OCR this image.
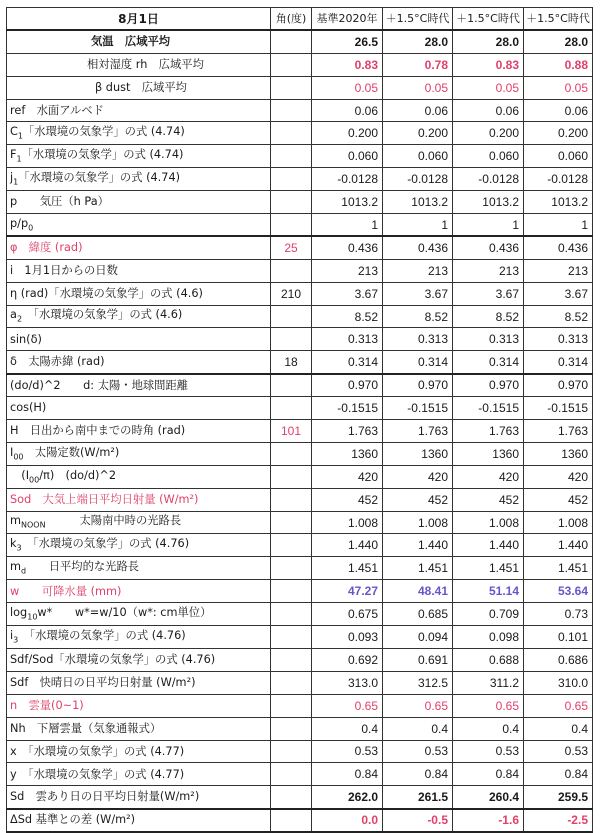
8月1日	角(度)	基準2020年	＋1.5°C時代	＋1.5°C時代	＋1.5°C時代
気温　広域平均		26.5	28.0	28.0	28.0
相対湿度 rh　広域平均		0.83	0.78	0.83	0.88
β dust　広域平均		0.05	0.05	0.05	0.05
ref　水面アルベド		0.06	0.06	0.06	0.06
$C_1$「水環境の気象学」の式 (4.74)		0.200	0.200	0.200	0.200
$F_1$「水環境の気象学」の式 (4.74)		0.060	0.060	0.060	0.060
$j_1$「水環境の気象学」の式 (4.74)		-0.0128	-0.0128	-0.0128	-0.0128
p　　気圧（h Pa）		1013.2	1013.2	1013.2	1013.2
$p/p_0$		1	1	1	1
φ　緯度 (rad)	25	0.436	0.436	0.436	0.436
i　1月1日からの日数		213	213	213	213
η (rad)「水環境の気象学」の式 (4.6)	210	3.67	3.67	3.67	3.67
$a_2$　「水環境の気象学」の式 (4.6)		8.52	8.52	8.52	8.52
sin(δ)		0.313	0.313	0.313	0.313
δ　太陽赤緯 (rad)	18	0.314	0.314	0.314	0.314
(do/d)^2　　d: 太陽・地球間距離		0.970	0.970	0.970	0.970
cos(H)		-0.1515	-0.1515	-0.1515	-0.1515
H　日出から南中までの時角 (rad)	101	1.763	1.763	1.763	1.763
$I_{00}$　太陽定数(W/m²)		1360	1360	1360	1360
　$(I_{00}/\pi)$　(do/d)^2		420	420	420	420
Sod　大気上端日平均日射量 (W/m²)		452	452	452	452
$m_{NOON}$　　　太陽南中時の光路長		1.008	1.008	1.008	1.008
$k_3$　「水環境の気象学」の式 (4.76)		1.440	1.440	1.440	1.440
$m_d$　　日平均的な光路長		1.451	1.451	1.451	1.451
w　　可降水量 (mm)		47.27	48.41	51.14	53.64
$\log_{10}w*$　　w*=w/10（w*: cm単位）		0.675	0.685	0.709	0.73
$i_3$　「水環境の気象学」の式 (4.76)		0.093	0.094	0.098	0.101
Sdf/Sod「水環境の気象学」の式 (4.76)		0.692	0.691	0.688	0.686
Sdf　快晴日の日平均日射量 (W/m²)		313.0	312.5	311.2	310.0
n　雲量(0~1)		0.65	0.65	0.65	0.65
Nh　下層雲量（気象通報式）		0.4	0.4	0.4	0.4
x　「水環境の気象学」の式 (4.77)		0.53	0.53	0.53	0.53
y　「水環境の気象学」の式 (4.77)		0.84	0.84	0.84	0.84
Sd　雲あり日の日平均日射量(W/m²)		262.0	261.5	260.4	259.5
ΔSd 基準との差 (W/m²)		0.0	-0.5	-1.6	-2.5
